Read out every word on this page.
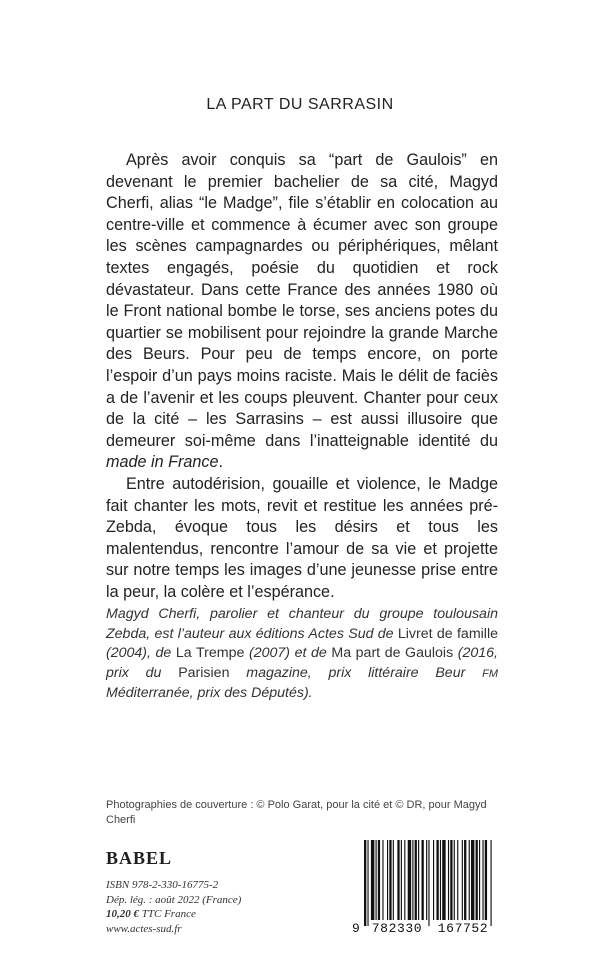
LA PART DU SARRASIN

Après avoir conquis sa “part de Gaulois” en devenant le premier bachelier de sa cité, Magyd Cherfi, alias “le Madge”, file s’établir en colocation au centre-ville et commence à écumer avec son groupe les scènes campagnardes ou périphériques, mêlant textes engagés, poésie du quotidien et rock dévastateur. Dans cette France des années 1980 où le Front national bombe le torse, ses anciens potes du quartier se mobilisent pour rejoindre la grande Marche des Beurs. Pour peu de temps encore, on porte l’espoir d’un pays moins raciste. Mais le délit de faciès a de l’avenir et les coups pleuvent. Chanter pour ceux de la cité – les Sarrasins – est aussi illusoire que demeurer soi-même dans l’inatteignable identité du made in France.

Entre autodérision, gouaille et violence, le Madge fait chanter les mots, revit et restitue les années pré-Zebda, évoque tous les désirs et tous les malentendus, rencontre l’amour de sa vie et projette sur notre temps les images d’une jeunesse prise entre la peur, la colère et l’espérance.

Magyd Cherfi, parolier et chanteur du groupe toulousain Zebda, est l’auteur aux éditions Actes Sud de Livret de famille (2004), de La Trempe (2007) et de Ma part de Gaulois (2016, prix du Parisien magazine, prix littéraire Beur FM Méditerranée, prix des Députés).
Photographies de couverture : © Polo Garat, pour la cité et © DR, pour Magyd Cherfi
BABEL
ISBN 978-2-330-16775-2
Dép. lég. : août 2022 (France)
10,20 € TTC France
www.actes-sud.fr	9 782330 167752
